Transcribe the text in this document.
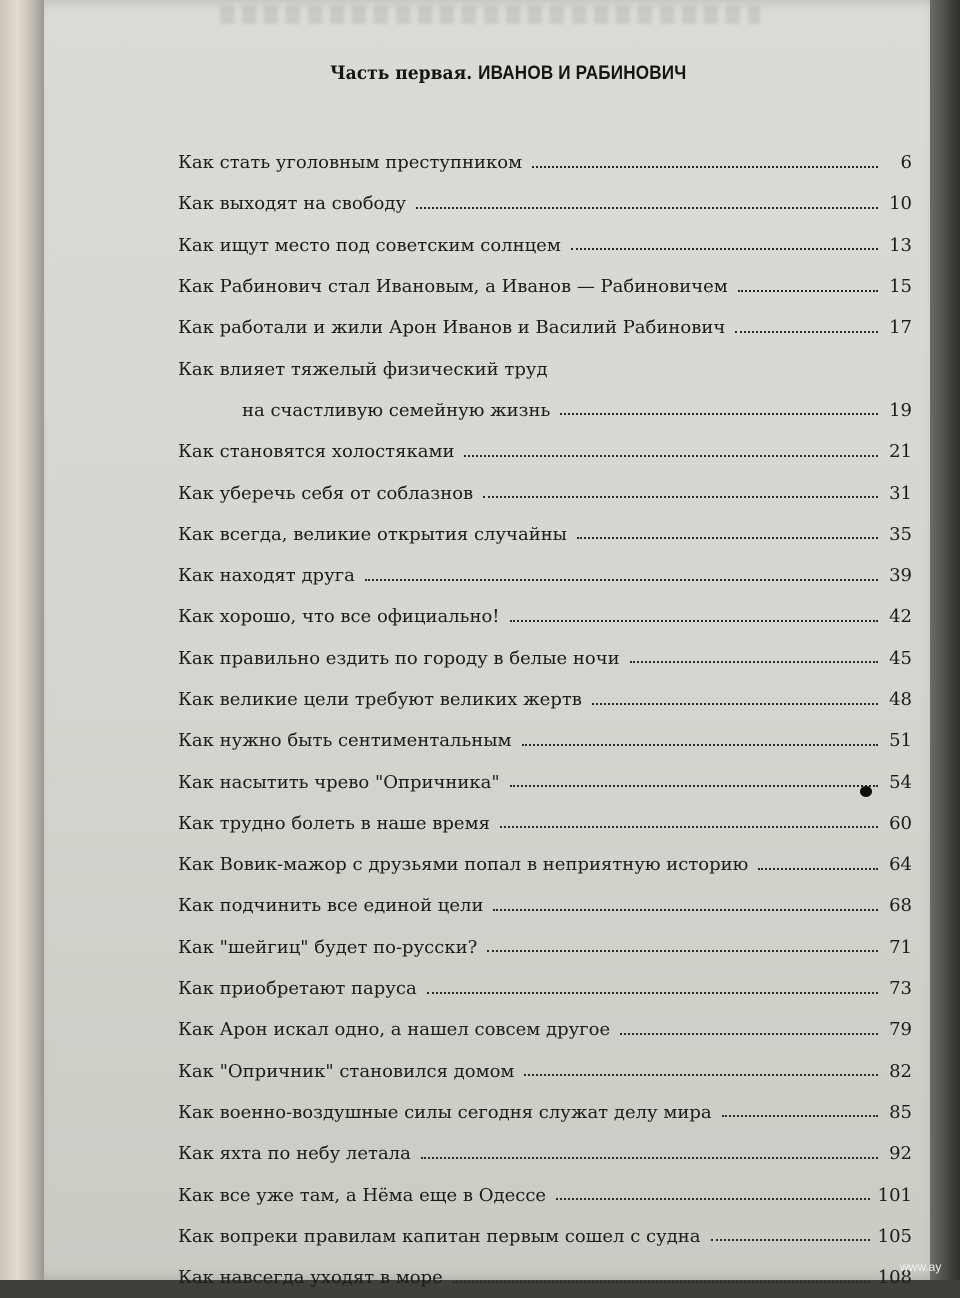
Часть первая. ИВАНОВ И РАБИНОВИЧ
Как стать уголовным преступником	6
Как выходят на свободу	10
Как ищут место под советским солнцем	13
Как Рабинович стал Ивановым, а Иванов — Рабиновичем	15
Как работали и жили Арон Иванов и Василий Рабинович	17
Как влияет тяжелый физический труд
на счастливую семейную жизнь	19
Как становятся холостяками	21
Как уберечь себя от соблазнов	31
Как всегда, великие открытия случайны	35
Как находят друга	39
Как хорошо, что все официально!	42
Как правильно ездить по городу в белые ночи	45
Как великие цели требуют великих жертв	48
Как нужно быть сентиментальным	51
Как насытить чрево "Опричника"	54
Как трудно болеть в наше время	60
Как Вовик-мажор с друзьями попал в неприятную историю	64
Как подчинить все единой цели	68
Как "шейгиц" будет по-русски?	71
Как приобретают паруса	73
Как Арон искал одно, а нашел совсем другое	79
Как "Опричник" становился домом	82
Как военно-воздушные силы сегодня служат делу мира	85
Как яхта по небу летала	92
Как все уже там, а Нёма еще в Одессе	101
Как вопреки правилам капитан первым сошел с судна	105
Как навсегда уходят в море	108
www.ay
